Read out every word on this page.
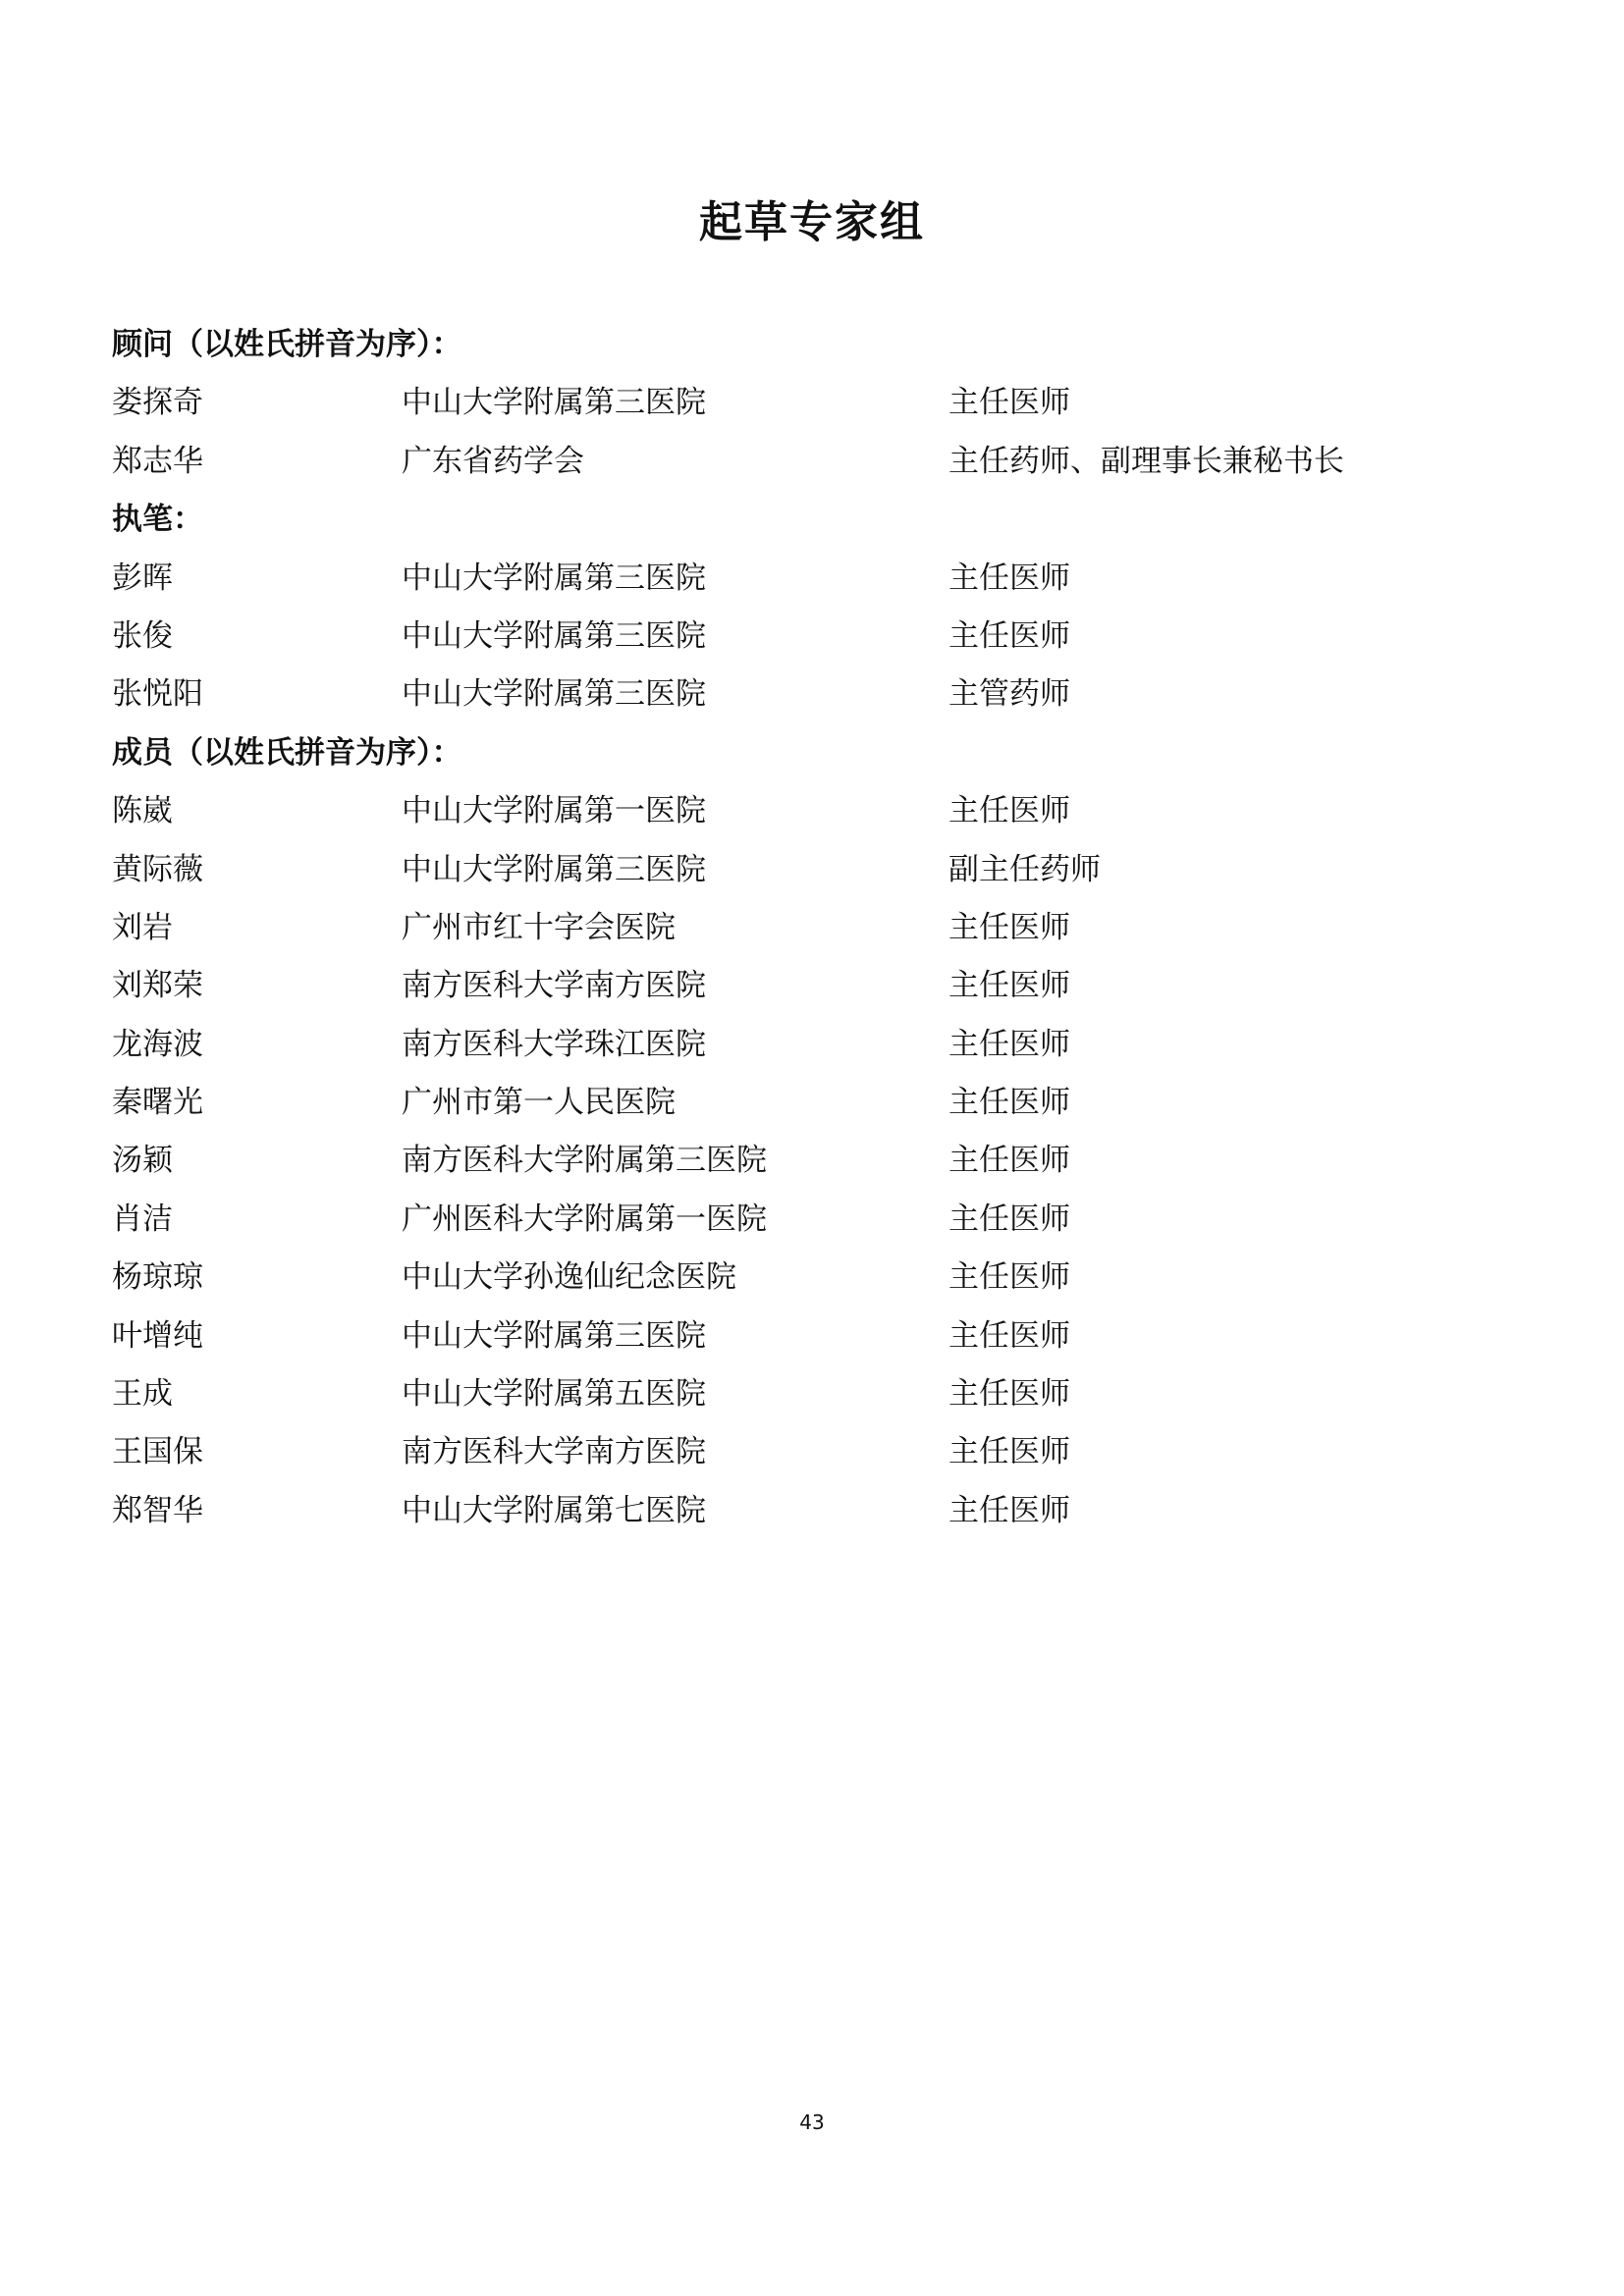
起草专家组
顾问（以姓氏拼音为序）：
娄探奇	中山大学附属第三医院	主任医师
郑志华	广东省药学会	主任药师、副理事长兼秘书长
执笔：
彭晖	中山大学附属第三医院	主任医师
张俊	中山大学附属第三医院	主任医师
张悦阳	中山大学附属第三医院	主管药师
成员（以姓氏拼音为序）：
陈崴	中山大学附属第一医院	主任医师
黄际薇	中山大学附属第三医院	副主任药师
刘岩	广州市红十字会医院	主任医师
刘郑荣	南方医科大学南方医院	主任医师
龙海波	南方医科大学珠江医院	主任医师
秦曙光	广州市第一人民医院	主任医师
汤颖	南方医科大学附属第三医院	主任医师
肖洁	广州医科大学附属第一医院	主任医师
杨琼琼	中山大学孙逸仙纪念医院	主任医师
叶增纯	中山大学附属第三医院	主任医师
王成	中山大学附属第五医院	主任医师
王国保	南方医科大学南方医院	主任医师
郑智华	中山大学附属第七医院	主任医师
43
